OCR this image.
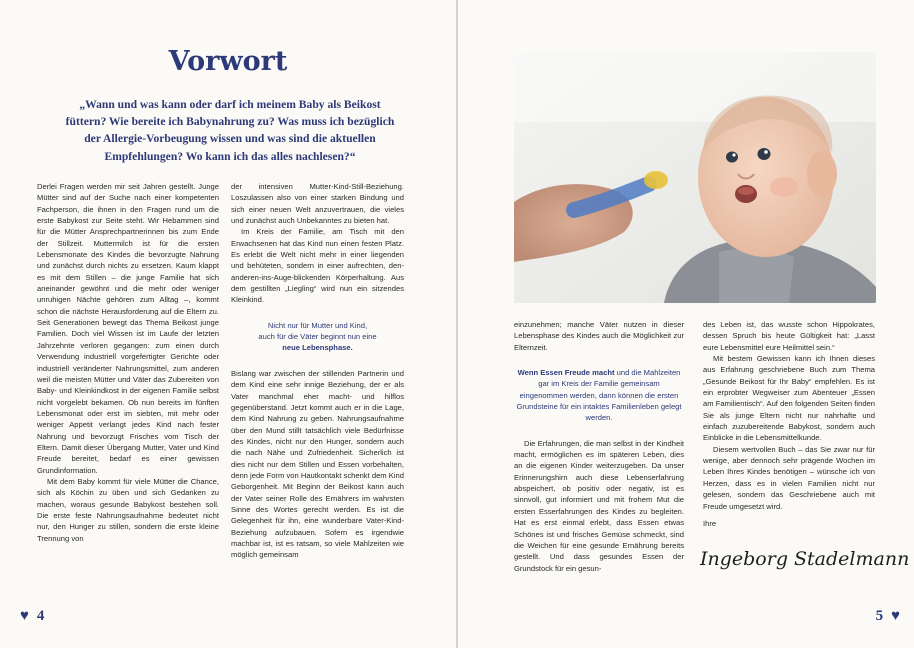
Vorwort

„Wann und was kann oder darf ich meinem Baby als Beikost füttern? Wie bereite ich Babynahrung zu? Was muss ich bezüglich der Allergie-Vorbeugung wissen und was sind die aktuellen Empfehlungen? Wo kann ich das alles nachlesen?“

Derlei Fragen werden mir seit Jahren gestellt. Junge Mütter sind auf der Suche nach einer kompetenten Fachperson, die ihnen in den Fragen rund um die erste Babykost zur Seite steht. Wir Hebammen sind für die Mütter Ansprechpartnerinnen bis zum Ende der Stillzeit. Muttermilch ist für die ersten Lebensmonate des Kindes die bevorzugte Nahrung und zunächst durch nichts zu ersetzen. Kaum klappt es mit dem Stillen – die junge Familie hat sich aneinander gewöhnt und die mehr oder weniger unruhigen Nächte gehören zum Alltag –, kommt schon die nächste Herausforderung auf die Eltern zu. Seit Generationen bewegt das Thema Beikost junge Familien. Doch viel Wissen ist im Laufe der letzten Jahrzehnte verloren gegangen: zum einen durch Verwendung industriell vorgefertigter Gerichte oder industriell veränderter Nahrungsmittel, zum anderen weil die meisten Mütter und Väter das Zubereiten von Baby- und Kleinkindkost in der eigenen Familie selbst nicht vorgelebt bekamen. Ob nun bereits im fünften Lebensmonat oder erst im siebten, mit mehr oder weniger Appetit verlangt jedes Kind nach fester Nahrung und bevorzugt Frisches vom Tisch der Eltern. Damit dieser Übergang Mutter, Vater und Kind Freude bereitet, bedarf es einer gewissen Grundinformation.

Mit dem Baby kommt für viele Mütter die Chance, sich als Köchin zu üben und sich Gedanken zu machen, woraus gesunde Babykost bestehen soll. Die erste feste Nahrungsaufnahme bedeutet nicht nur, den Hunger zu stillen, sondern die erste kleine Trennung von

der intensiven Mutter-Kind-Still-Beziehung. Loszulassen also von einer starken Bindung und sich einer neuen Welt anzuvertrauen, die vieles und zunächst auch Unbekanntes zu bieten hat.

Im Kreis der Familie, am Tisch mit den Erwachsenen hat das Kind nun einen festen Platz. Es erlebt die Welt nicht mehr in einer liegenden und behüteten, sondern in einer aufrechten, den-anderen-ins-Auge-blickenden Körperhaltung. Aus dem gestillten „Liegling“ wird nun ein sitzendes Kleinkind.

Nicht nur für Mutter und Kind,
auch für die Väter beginnt nun eine
neue Lebensphase.

Bislang war zwischen der stillenden Partnerin und dem Kind eine sehr innige Beziehung, der er als Vater manchmal eher macht- und hilflos gegenüberstand. Jetzt kommt auch er in die Lage, dem Kind Nahrung zu geben. Nahrungsaufnahme über den Mund stillt tatsächlich viele Bedürfnisse des Kindes, nicht nur den Hunger, sondern auch die nach Nähe und Zufriedenheit. Sicherlich ist dies nicht nur dem Stillen und Essen vorbehalten, denn jede Form von Hautkontakt schenkt dem Kind Geborgenheit. Mit Beginn der Beikost kann auch der Vater seiner Rolle des Ernährers im wahrsten Sinne des Wortes gerecht werden. Es ist die Gelegenheit für ihn, eine wunderbare Vater-Kind-Beziehung aufzubauen. Sofern es irgendwie machbar ist, ist es ratsam, so viele Mahlzeiten wie möglich gemeinsam

♥ 4

einzunehmen; manche Väter nutzen in dieser Lebensphase des Kindes auch die Möglichkeit zur Elternzeit.

Wenn Essen Freude macht und die Mahlzeiten gar im Kreis der Familie gemeinsam eingenommen werden, dann können die ersten Grundsteine für ein intaktes Familienleben gelegt werden.

Die Erfahrungen, die man selbst in der Kindheit macht, ermöglichen es im späteren Leben, dies an die eigenen Kinder weiterzugeben. Da unser Erinnerungshirn auch diese Lebenserfahrung abspeichert, ob positiv oder negativ, ist es sinnvoll, gut informiert und mit frohem Mut die ersten Esserfahrungen des Kindes zu begleiten. Hat es erst einmal erlebt, dass Essen etwas Schönes ist und frisches Gemüse schmeckt, sind die Weichen für eine gesunde Ernährung bereits gestellt. Und dass gesundes Essen der Grundstock für ein gesun-

des Leben ist, das wusste schon Hippokrates, dessen Spruch bis heute Gültigkeit hat: „Lasst eure Lebensmittel eure Heilmittel sein.“

Mit bestem Gewissen kann ich Ihnen dieses aus Erfahrung geschriebene Buch zum Thema „Gesunde Beikost für Ihr Baby“ empfehlen. Es ist ein erprobter Wegweiser zum Abenteuer „Essen am Familientisch“. Auf den folgenden Seiten finden Sie als junge Eltern nicht nur nahrhafte und einfach zuzubereitende Babykost, sondern auch Einblicke in die Lebensmittelkunde.

Diesem wertvollen Buch – das Sie zwar nur für wenige, aber dennoch sehr prägende Wochen im Leben Ihres Kindes benötigen – wünsche ich von Herzen, dass es in vielen Familien nicht nur gelesen, sondern das Geschriebene auch mit Freude umgesetzt wird.

Ihre

5 ♥
Ingeborg Stadelmann
